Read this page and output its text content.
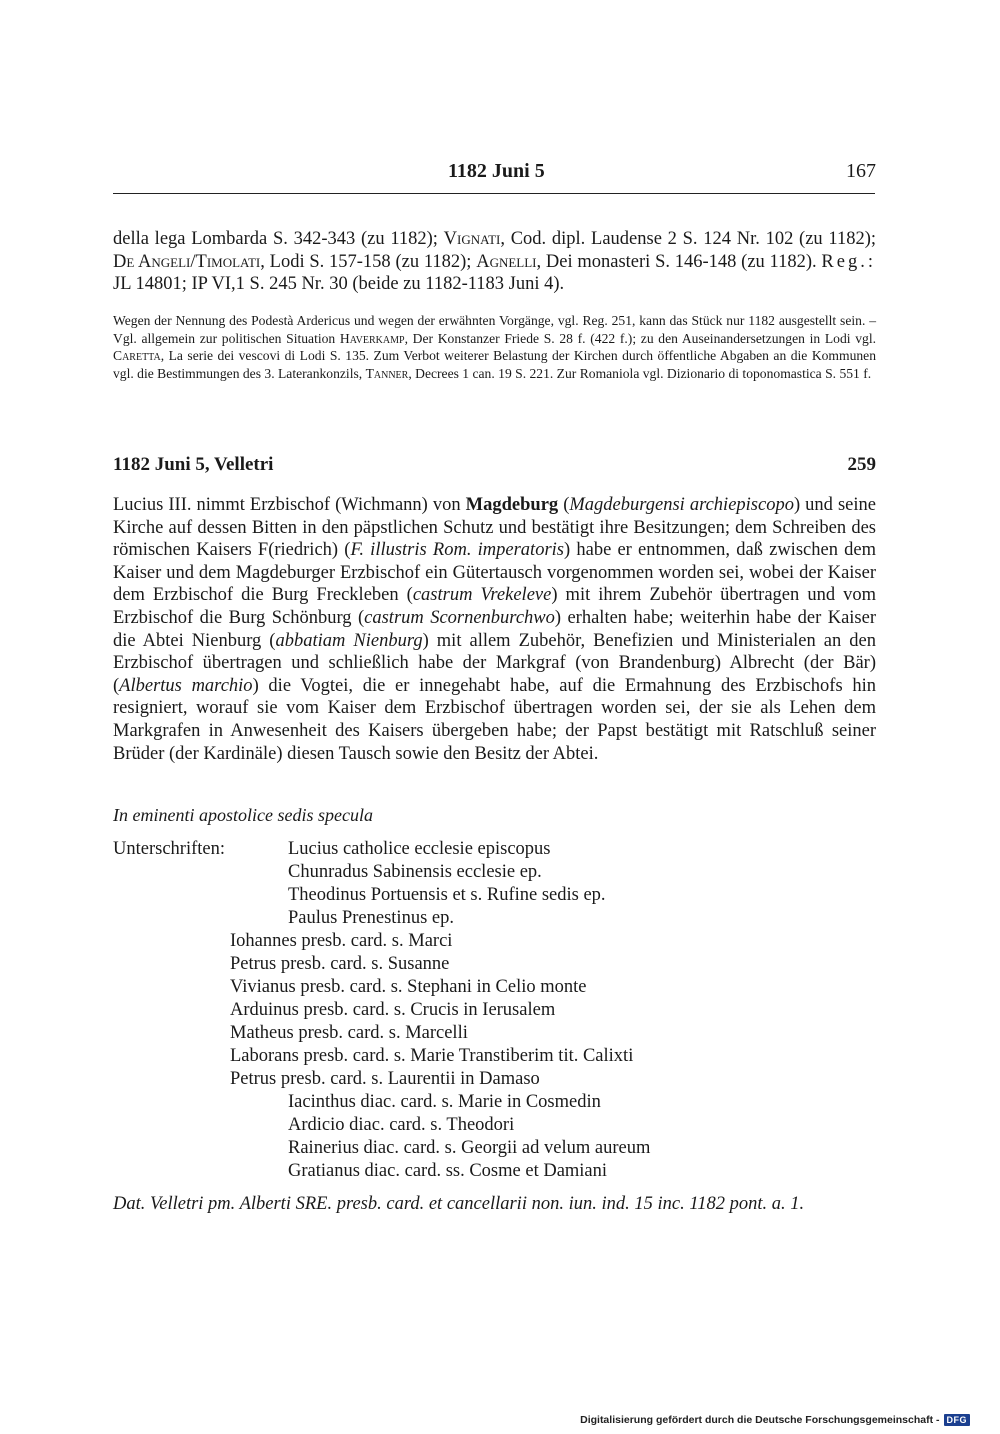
1182 Juni 5	167

della lega Lombarda S. 342-343 (zu 1182); Vignati, Cod. dipl. Laudense 2 S. 124 Nr. 102 (zu 1182); De Angeli/Timolati, Lodi S. 157-158 (zu 1182); Agnelli, Dei monasteri S. 146-148 (zu 1182). Reg.: JL 14801; IP VI,1 S. 245 Nr. 30 (beide zu 1182-1183 Juni 4).

Wegen der Nennung des Podestà Ardericus und wegen der erwähnten Vorgänge, vgl. Reg. 251, kann das Stück nur 1182 ausgestellt sein. – Vgl. allgemein zur politischen Situation Haverkamp, Der Konstanzer Friede S. 28 f. (422 f.); zu den Auseinandersetzungen in Lodi vgl. Caretta, La serie dei vescovi di Lodi S. 135. Zum Verbot weiterer Belastung der Kirchen durch öffentliche Abgaben an die Kommunen vgl. die Bestimmungen des 3. Laterankonzils, Tanner, Decrees 1 can. 19 S. 221. Zur Romaniola vgl. Dizionario di toponomastica S. 551 f.

1182 Juni 5, Velletri	259

Lucius III. nimmt Erzbischof (Wichmann) von Magdeburg (Magdeburgensi archiepiscopo) und seine Kirche auf dessen Bitten in den päpstlichen Schutz und bestätigt ihre Besitzungen; dem Schreiben des römischen Kaisers F(riedrich) (F. illustris Rom. imperatoris) habe er entnommen, daß zwischen dem Kaiser und dem Magdeburger Erzbischof ein Gütertausch vorgenommen worden sei, wobei der Kaiser dem Erzbischof die Burg Freckleben (castrum Vrekeleve) mit ihrem Zubehör übertragen und vom Erzbischof die Burg Schönburg (castrum Scornenburchwo) erhalten habe; weiterhin habe der Kaiser die Abtei Nienburg (abbatiam Nienburg) mit allem Zubehör, Benefizien und Ministerialen an den Erzbischof übertragen und schließlich habe der Markgraf (von Brandenburg) Albrecht (der Bär) (Albertus marchio) die Vogtei, die er innegehabt habe, auf die Ermahnung des Erzbischofs hin resigniert, worauf sie vom Kaiser dem Erzbischof übertragen worden sei, der sie als Lehen dem Markgrafen in Anwesenheit des Kaisers übergeben habe; der Papst bestätigt mit Ratschluß seiner Brüder (der Kardinäle) diesen Tausch sowie den Besitz der Abtei.

In eminenti apostolice sedis specula
Unterschriften:	Lucius catholice ecclesie episcopus
Chunradus Sabinensis ecclesie ep.
Theodinus Portuensis et s. Rufine sedis ep.
Paulus Prenestinus ep.
Iohannes presb. card. s. Marci
Petrus presb. card. s. Susanne
Vivianus presb. card. s. Stephani in Celio monte
Arduinus presb. card. s. Crucis in Ierusalem
Matheus presb. card. s. Marcelli
Laborans presb. card. s. Marie Transtiberim tit. Calixti
Petrus presb. card. s. Laurentii in Damaso
Iacinthus diac. card. s. Marie in Cosmedin
Ardicio diac. card. s. Theodori
Rainerius diac. card. s. Georgii ad velum aureum
Gratianus diac. card. ss. Cosme et Damiani
Dat. Velletri pm. Alberti SRE. presb. card. et cancellarii non. iun. ind. 15 inc. 1182 pont. a. 1.
Digitalisierung gefördert durch die Deutsche Forschungsgemeinschaft - DFG
